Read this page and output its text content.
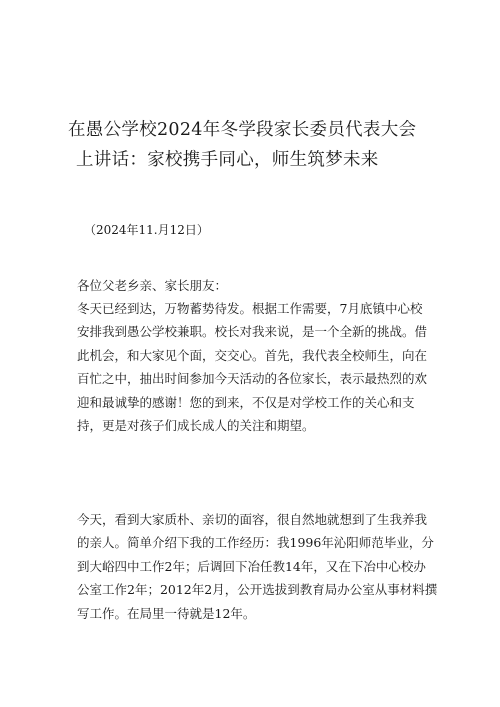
在愚公学校2024年冬学段家长委员代表大会
上讲话：家校携手同心，师生筑梦未来
（2024年11.月12日）
各位父老乡亲、家长朋友：
冬天已经到达，万物蓄势待发。根据工作需要，7月底镇中心校
安排我到愚公学校兼职。校长对我来说，是一个全新的挑战。借
此机会，和大家见个面，交交心。首先，我代表全校师生，向在
百忙之中，抽出时间参加今天活动的各位家长，表示最热烈的欢
迎和最诚挚的感谢！您的到来，不仅是对学校工作的关心和支
持，更是对孩子们成长成人的关注和期望。
今天，看到大家质朴、亲切的面容，很自然地就想到了生我养我
的亲人。简单介绍下我的工作经历：我1996年沁阳师范毕业，分
到大峪四中工作2年；后调回下冶任教14年，又在下冶中心校办
公室工作2年；2012年2月，公开选拔到教育局办公室从事材料撰
写工作。在局里一待就是12年。
